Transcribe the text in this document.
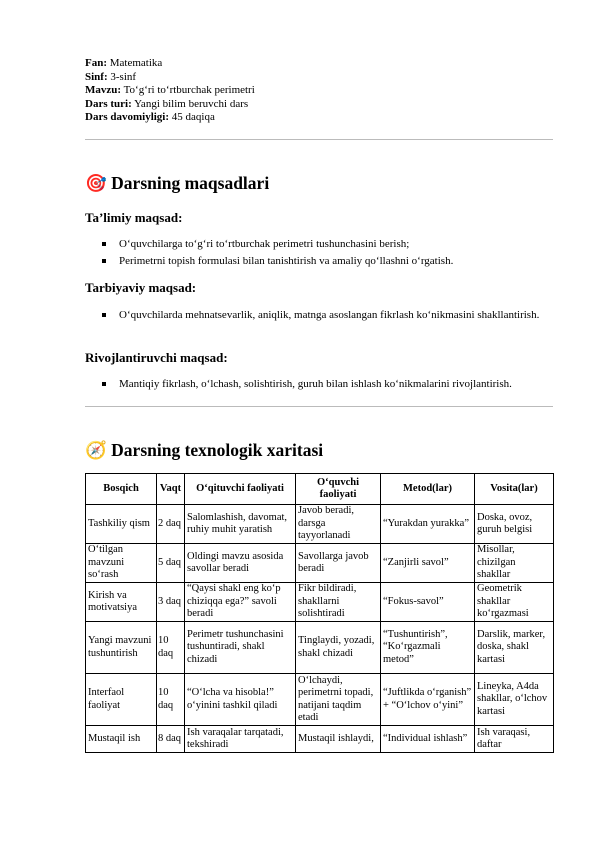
Fan: Matematika
Sinf: 3-sinf
Mavzu: To‘g‘ri to‘rtburchak perimetri
Dars turi: Yangi bilim beruvchi dars
Dars davomiyligi: 45 daqiqa
🎯 Darsning maqsadlari
Ta’limiy maqsad:
O‘quvchilarga to‘g‘ri to‘rtburchak perimetri tushunchasini berish;
Perimetrni topish formulasi bilan tanishtirish va amaliy qo‘llashni o‘rgatish.
Tarbiyaviy maqsad:
O‘quvchilarda mehnatsevarlik, aniqlik, matnga asoslangan fikrlash ko‘nikmasini shakllantirish.
Rivojlantiruvchi maqsad:
Mantiqiy fikrlash, o‘lchash, solishtirish, guruh bilan ishlash ko‘nikmalarini rivojlantirish.
🧭 Darsning texnologik xaritasi
Bosqich	Vaqt	O‘qituvchi faoliyati	O‘quvchi faoliyati	Metod(lar)	Vosita(lar)
Tashkiliy qism	2 daq	Salomlashish, davomat, ruhiy muhit yaratish	Javob beradi, darsga tayyorlanadi	“Yurakdan yurakka”	Doska, ovoz, guruh belgisi
O‘tilgan mavzuni so‘rash	5 daq	Oldingi mavzu asosida savollar beradi	Savollarga javob beradi	“Zanjirli savol”	Misollar, chizilgan shakllar
Kirish va motivatsiya	3 daq	“Qaysi shakl eng ko‘p chiziqqa ega?” savoli beradi	Fikr bildiradi, shakllarni solishtiradi	“Fokus-savol”	Geometrik shakllar ko‘rgazmasi
Yangi mavzuni tushuntirish	10 daq	Perimetr tushunchasini tushuntiradi, shakl chizadi	Tinglaydi, yozadi, shakl chizadi	“Tushuntirish”, “Ko‘rgazmali metod”	Darslik, marker, doska, shakl kartasi
Interfaol faoliyat	10 daq	“O‘lcha va hisobla!” o‘yinini tashkil qiladi	O‘lchaydi, perimetrni topadi, natijani taqdim etadi	“Juftlikda o‘rganish” + “O‘lchov o‘yini”	Lineyka, A4da shakllar, o‘lchov kartasi
Mustaqil ish	8 daq	Ish varaqalar tarqatadi, tekshiradi	Mustaqil ishlaydi,	“Individual ishlash”	Ish varaqasi, daftar
